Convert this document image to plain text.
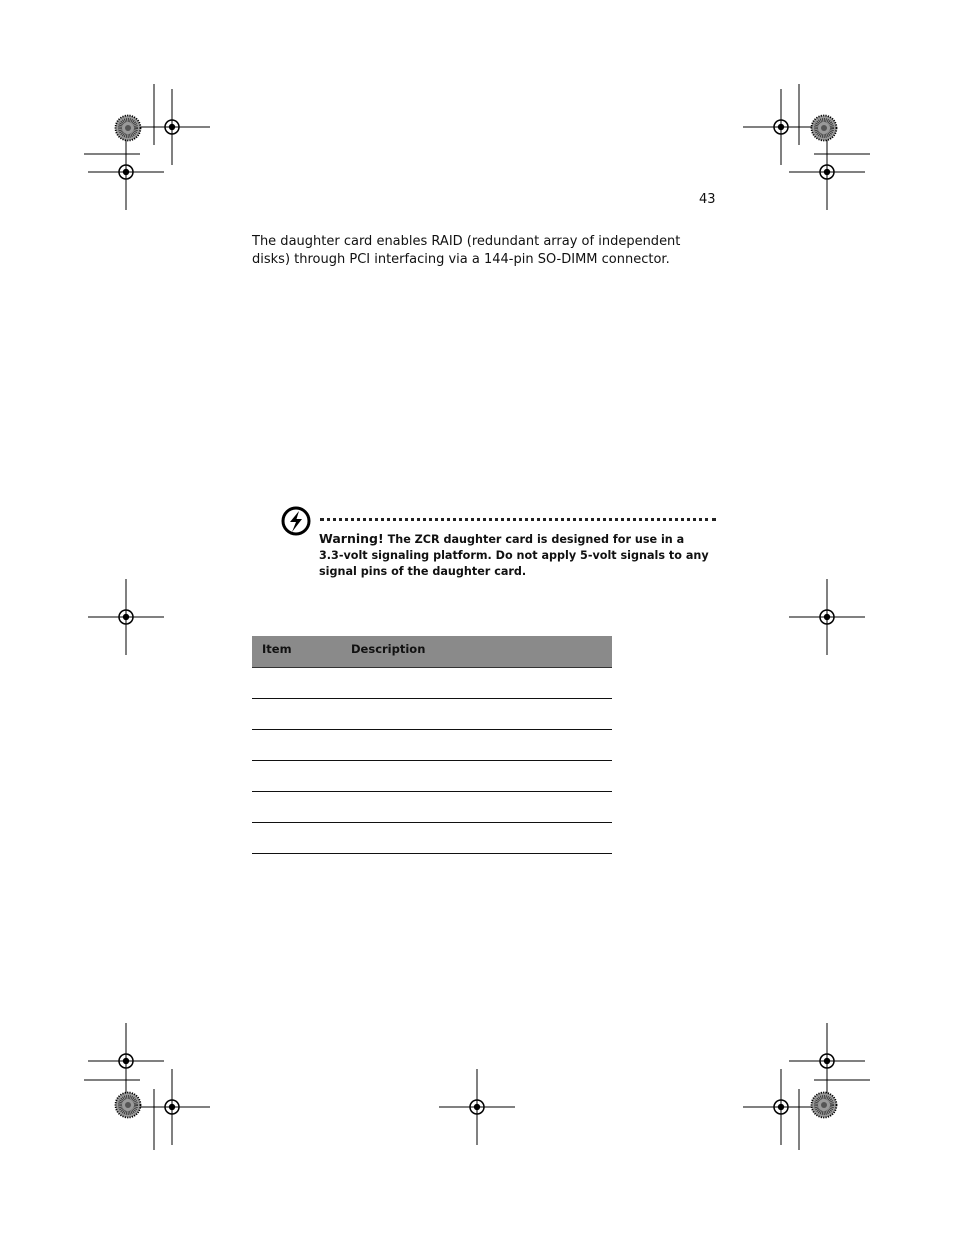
43
The daughter card enables RAID (redundant array of independent disks) through PCI interfacing via a 144-pin SO-DIMM connector.
Warning! The ZCR daughter card is designed for use in a 3.3-volt signaling platform. Do not apply 5-volt signals to any signal pins of the daughter card.
Item	Description
